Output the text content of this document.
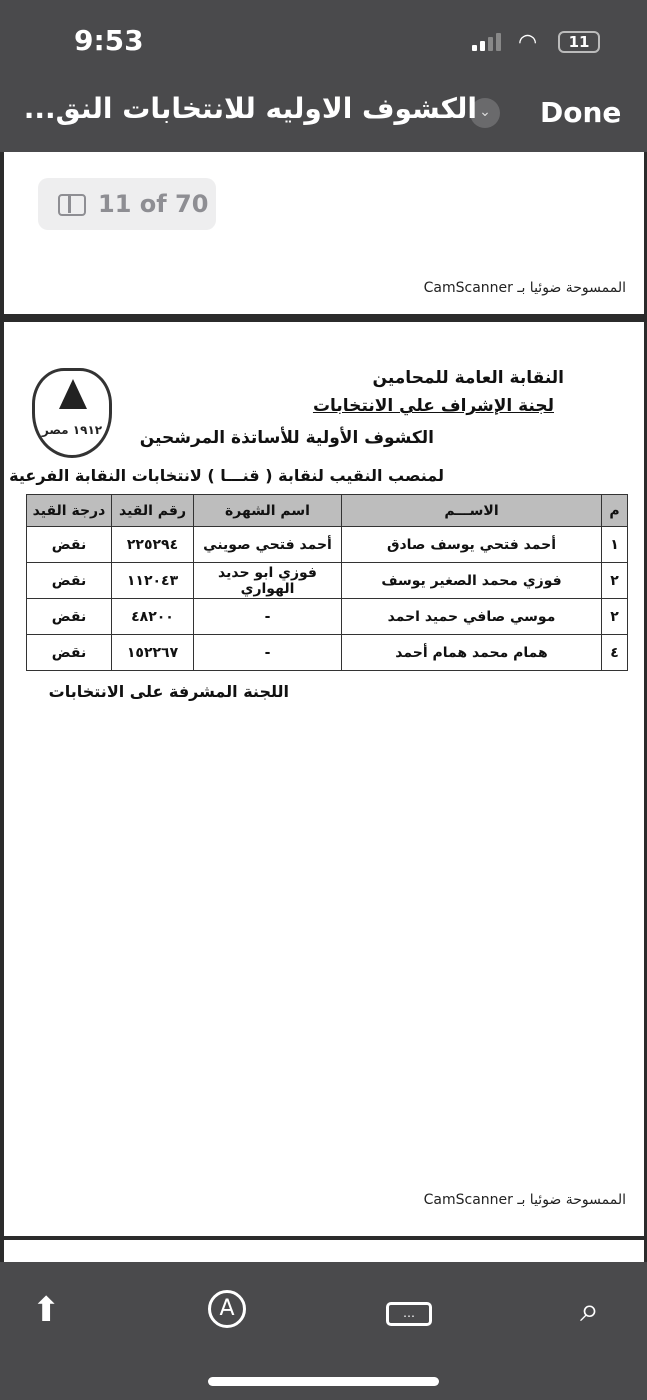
9:53	◠	11
⌄
الكشوف الاوليه للانتخابات النق... Done
11 of 70
الممسوحة ضوئيا بـ CamScanner
١٩١٢ مصر
النقابة العامة للمحامين
لجنة الإشراف علي الانتخابات
الكشوف الأولية للأساتذة المرشحين
لمنصب النقيب لنقابة ( قنـــا ) لانتخابات النقابة الفرعية
م	الاســـم	اسم الشهرة	رقم القيد	درجة القيد
١	أحمد فتحي يوسف صادق	أحمد فتحي صويني	٢٢٥٢٩٤	نقض
٢	فوزي محمد الصغير يوسف	فوزي ابو حديد الهواري	١١٢٠٤٣	نقض
٢	موسي صافي حميد احمد	-	٤٨٢٠٠	نقض
٤	همام محمد همام أحمد	-	١٥٢٢٦٧	نقض
اللجنة المشرفة على الانتخابات
الممسوحة ضوئيا بـ CamScanner
⬆	A	…	⌕
